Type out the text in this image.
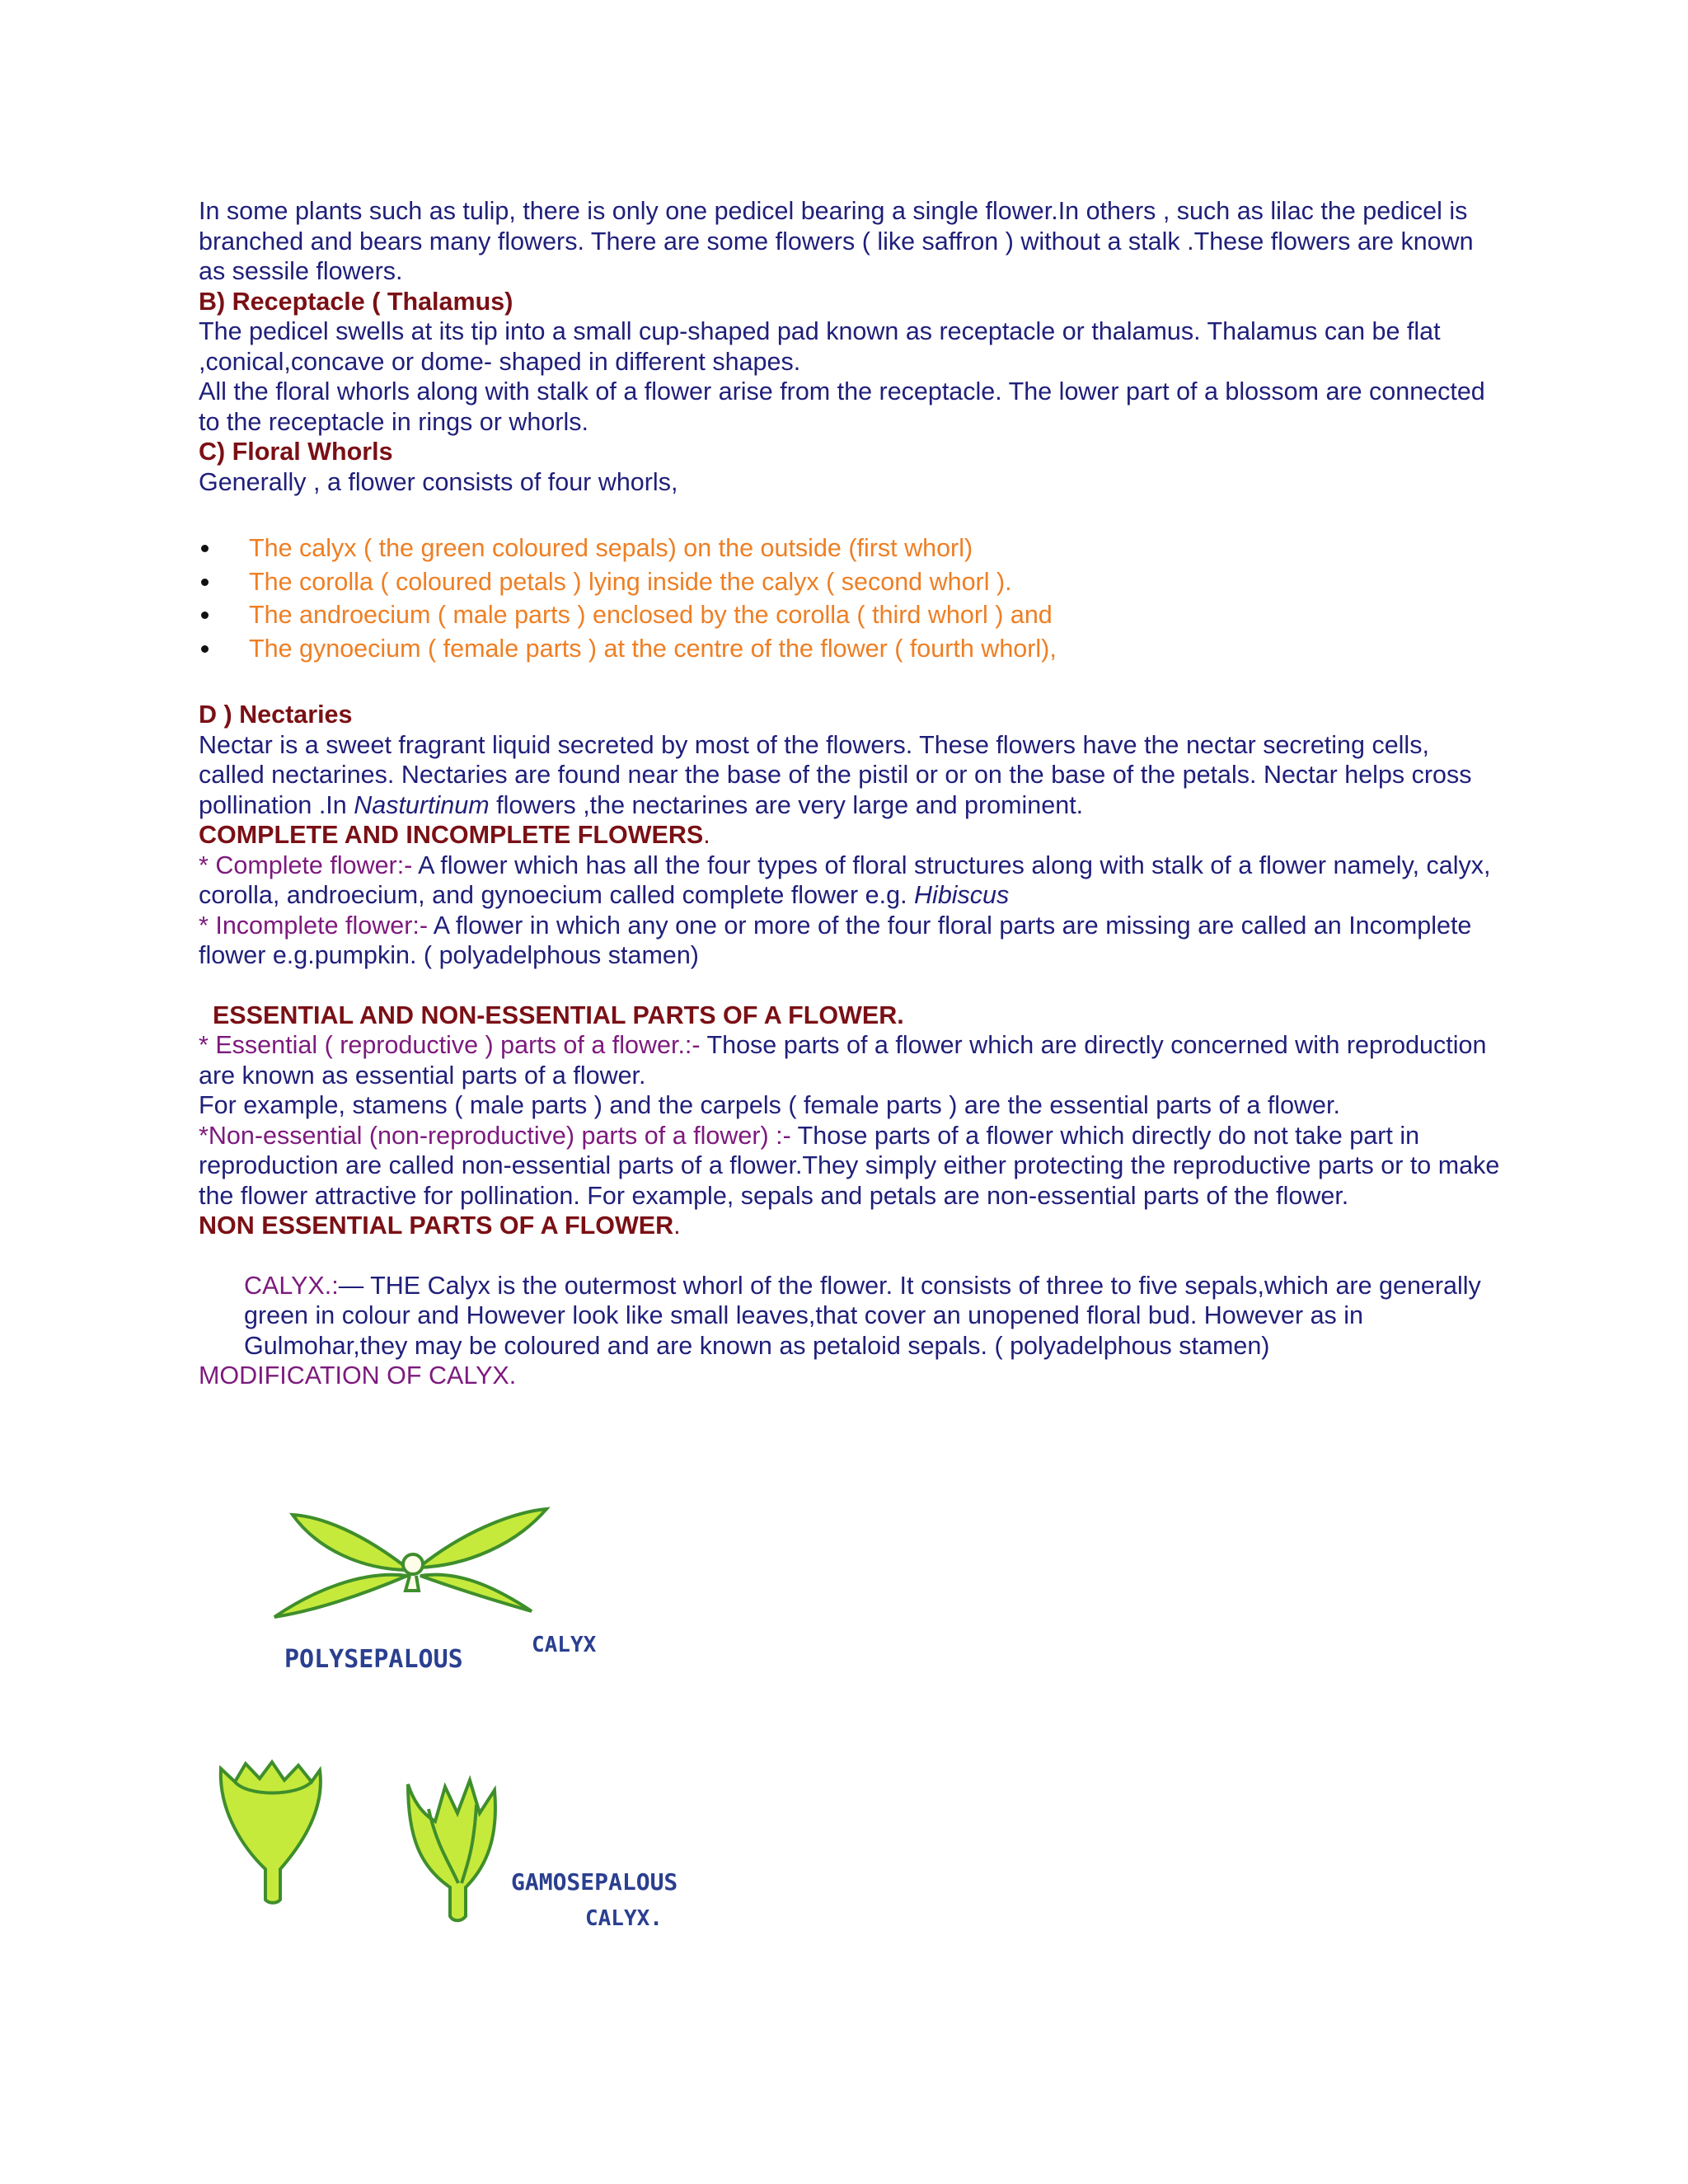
In some plants such as tulip, there is only one pedicel bearing a single flower.In others , such as lilac the pedicel is branched and bears many flowers. There are some flowers ( like saffron ) without a stalk .These flowers are known as sessile flowers.

B) Receptacle ( Thalamus)

The pedicel swells at its tip into a small cup-shaped pad known as receptacle or thalamus. Thalamus can be flat ,conical,concave or dome- shaped in different shapes.

All the floral whorls along with stalk of a flower arise from the receptacle. The lower part of a blossom are connected to the receptacle in rings or whorls.

C) Floral Whorls

Generally , a flower consists of four whorls,

The calyx ( the green coloured sepals) on the outside (first whorl)
The corolla ( coloured petals ) lying inside the calyx ( second whorl ).
The androecium ( male parts ) enclosed by the corolla ( third whorl ) and
The gynoecium ( female parts ) at the centre of the flower ( fourth whorl),

D ) Nectaries

Nectar is a sweet fragrant liquid secreted by most of the flowers. These flowers have the nectar secreting cells, called nectarines. Nectaries are found near the base of the pistil or or on the base of the petals. Nectar helps cross pollination .In Nasturtinum flowers ,the nectarines are very large and prominent.

COMPLETE AND INCOMPLETE FLOWERS.

* Complete flower:- A flower which has all the four types of floral structures along with stalk of a flower namely, calyx, corolla, androecium, and gynoecium called complete flower e.g. Hibiscus

* Incomplete flower:- A flower in which any one or more of the four floral parts are missing are called an Incomplete flower e.g.pumpkin. ( polyadelphous stamen)

ESSENTIAL AND NON-ESSENTIAL PARTS OF A FLOWER.

* Essential ( reproductive ) parts of a flower.:- Those parts of a flower which are directly concerned with reproduction are known as essential parts of a flower.

For example, stamens ( male parts ) and the carpels ( female parts ) are the essential parts of a flower.

*Non-essential (non-reproductive) parts of a flower) :- Those parts of a flower which directly do not take part in reproduction are called non-essential parts of a flower.They simply either protecting the reproductive parts or to make the flower attractive for pollination. For example, sepals and petals are non-essential parts of the flower.

NON ESSENTIAL PARTS OF A FLOWER.

CALYX.:— THE Calyx is the outermost whorl of the flower. It consists of three to five sepals,which are generally green in colour and However look like small leaves,that cover an unopened floral bud. However as in Gulmohar,they may be coloured and are known as petaloid sepals. ( polyadelphous stamen)

MODIFICATION OF CALYX.

POLYSEPALOUS	CALYX
GAMOSEPALOUS
CALYX.
